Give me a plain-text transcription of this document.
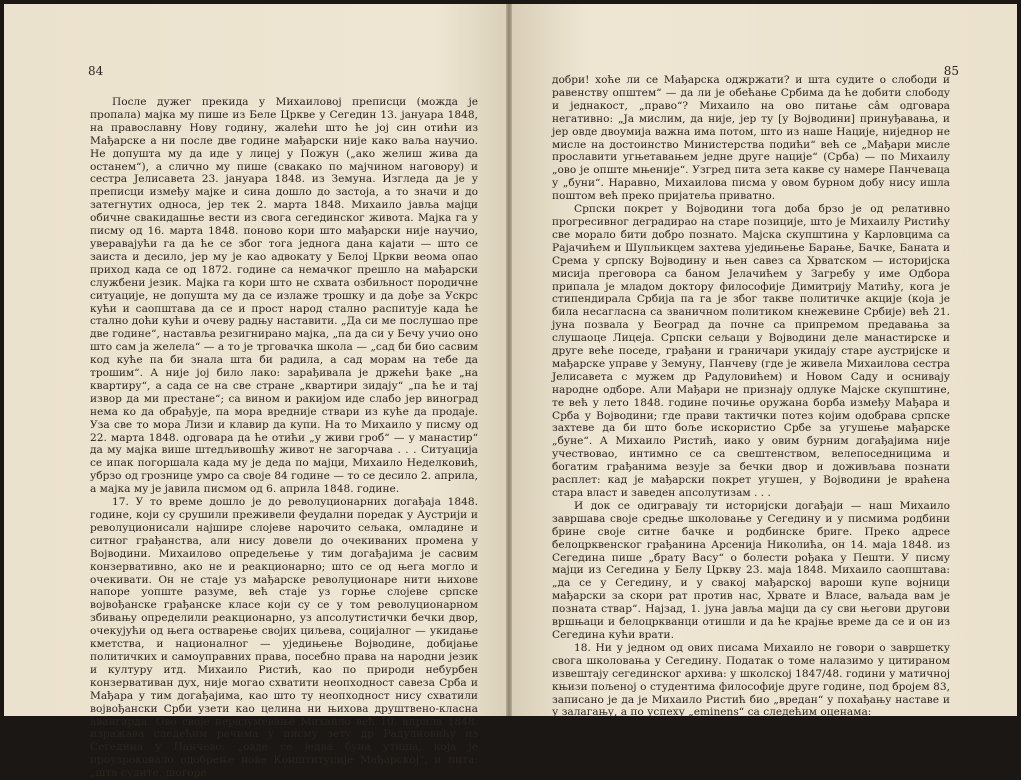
84

После дужег прекида у Михаиловој преписци (можда је пропала) мајка му пише из Беле Цркве у Сегедин 13. јануара 1848, на православну Нову годину, жалећи што ће јој син отићи из Мађарске а ни после две године мађарски није како ваља научио. Не допушта му да иде у лицеј у Пожун („ако желиш жива да останем“), а слично му пише (свакако по мајчином наговору) и сестра Јелисавета 23. јануара 1848. из Земуна. Изгледа да је у преписци између мајке и сина дошло до застоја, а то значи и до затегнутих односа, јер тек 2. марта 1848. Михаило јавља мајци обичне свакидашње вести из свога сегединског живота. Мајка га у писму од 16. марта 1848. поново кори што мађарски није научио, уверавајући га да ће се због тога једнога дана кајати — што се заиста и десило, јер му је као адвокату у Белој Цркви веома опао приход када се од 1872. године са немачког прешло на мађарски службени језик. Мајка га кори што не схвата озбиљност породичне ситуације, не допушта му да се излаже трошку и да дође за Ускрс кући и саопштава да се и прост народ стално распитује када ће стално доћи кући и очеву радњу наставити. „Да си ме послушао пре две године“, наставља резигнирано мајка, „па да си у Бечу учио оно што сам ја желела“ — а то је трговачка школа — „сад би био сасвим код куће па би знала шта би радила, а сад морам на тебе да трошим“. А није јој било лако: зарађивала је држећи ђаке „на квартиру“, а сада се на све стране „квартири зидају“ „па ће и тај извор да ми престане“; са вином и ракијом иде слабо јер виноград нема ко да обрађује, па мора вредније ствари из куће да продаје. Уза све то мора Лизи и клавир да купи. На то Михаило у писму од 22. марта 1848. одговара да ће отићи „у живи гроб“ — у манастир“ да му мајка више штедљивошћу живот не загорчава . . . Ситуација се ипак погоршала када му је деда по мајци, Михаило Неделковић, убрзо од грознице умро са своје 84 године — то се десило 2. априла, а мајка му је јавила писмом од 6. априла 1848. године.

17. У то време дошло је до револуционарних догађаја 1848. године, који су срушили преживели феудални поредак у Аустрији и револуционисали најшире слојеве нарочито сељака, омладине и ситног грађанства, али нису довели до очекиваних промена у Војводини. Михаилово опредељење у тим догађајима је сасвим конзервативно, ако не и реакционарно; што се од њега могло и очекивати. Он не стаје уз мађарске револуционаре нити њихове напоре уопште разуме, већ стаје уз горње слојеве српске војвођанске грађанске класе који су се у том револуционарном збивању определили реакционарно, уз апсолутистички бечки двор, очекујући од њега остварење својих циљева, социјалног — укидање кметства, и националног — уједињење Војводине, добијање политичких и самоуправних права, посебно права на народни језик и културу итд. Михаило Ристић, као по природи небурбен конзервативан дух, није могао схватити неопходност савеза Срба и Мађара у тим догађајима, као што ту неопходност нису схватили војвођански Срби узети као целина ни њихова друштвено-класна авангарда. Ово своје неразумевање Михаило већ 10. априла 1848. изражава следећим речима у писму зету др Радулновићу из Сегедина у Панчево: „овде се једва буна утиша, која је проузроковало одобрење нове Конштитуције Мађарској“, и пита: „шта судите, шогоре

85

добри! хоће ли се Мађарска оджржати? и шта судите о слободи и равенству општем“ — да ли је обећање Србима да ће добити слободу и једнакост, „право“? Михаило на ово питање сâм одговара негативно: „Ја мислим, да није, јер ту [у Војводини] принуђавања, и јер овде двоумија важна има потом, што из наше Нације, ниједнор не мисле на достоинство Министерства подићи“ већ се „Мађари мисле прославити угњетавањем једне друге нације“ (Срба) — по Михаилу „ово је опште мњеније“. Узгред пита зета какве су намере Панчеваца у „буни“. Наравно, Михаилова писма у овом бурном добу нису ишла поштом већ преко пријатеља приватно.

Српски покрет у Војводини тога доба брзо је од релативно прогресивног деградирао на старе позиције, што је Михаилу Ристићу све морало бити добро познато. Мајска скупштина у Карловцима са Рајачићем и Шупљикцем захтева уједињење Барање, Бачке, Баната и Срема у српску Војводину и њен савез са Хрватском — историјска мисија преговора са баном Јелачићем у Загребу у име Одбора припала је младом доктору философије Димитрију Матићу, кога је стипендирала Србија па га је због такве политичке акције (која је била несагласна са званичном политиком кнежевине Србије) већ 21. јуна позвала у Београд да почне са припремом предавања за слушаоце Лицеја. Српски сељаци у Војводини деле манастирске и друге веће поседе, грађани и граничари укидају старе аустријске и мађарске управе у Земуну, Панчеву (где је живела Михаилова сестра Јелисавета с мужем др Радуловићем) и Новом Саду и оснивају народне одборе. Али Мађари не признају одлуке Мајске скупштине, те већ у лето 1848. године почиње оружана борба између Мађара и Срба у Војводини; где прави тактички потез којим одобрава српске захтеве да би што боље искористио Србе за угушење мађарске „буне“. А Михаило Ристић, иако у овим бурним догађајима није учествовао, интимно се са свештенством, велепоседницима и богатим грађанима везује за бечки двор и доживљава познати расплет: кад је мађарски покрет угушен, у Војводини је враћена стара власт и заведен апсолутизам . . .

И док се одигравају ти историјски догађаји — наш Михаило завршава своје средње школовање у Сегедину и у писмима родбини брине своје ситне бачке и родбинске бриге. Преко адресе белоцрквенског грађанина Арсенија Николића, он 14. маја 1848. из Сегедина пише „брату Васу“ о болести рођака у Пешти. У писму мајци из Сегедина у Белу Цркву 23. маја 1848. Михаило саопштава: „да се у Сегедину, и у свакој мађарској вароши купе војници мађарски за скори рат против нас, Хрвате и Власе, ваљада вам је позната ствар“. Најзад, 1. јуна јавља мајци да су сви његови другови вршњаци и белоцркванци отишли и да ће крајње време да се и он из Сегедина кући врати.

18. Ни у једном од ових писама Михаило не говори о завршетку свога школовања у Сегедину. Податак о томе налазимо у цитираном извештају сегединског архива: у школској 1847/48. години у матичној књизи пољеној о студентима философије друге године, под бројем 83, записано је да је Михаило Ристић био „вредан“ у похађању наставе и у залагању, а по успеху „eminens“ са следећим оценама:
